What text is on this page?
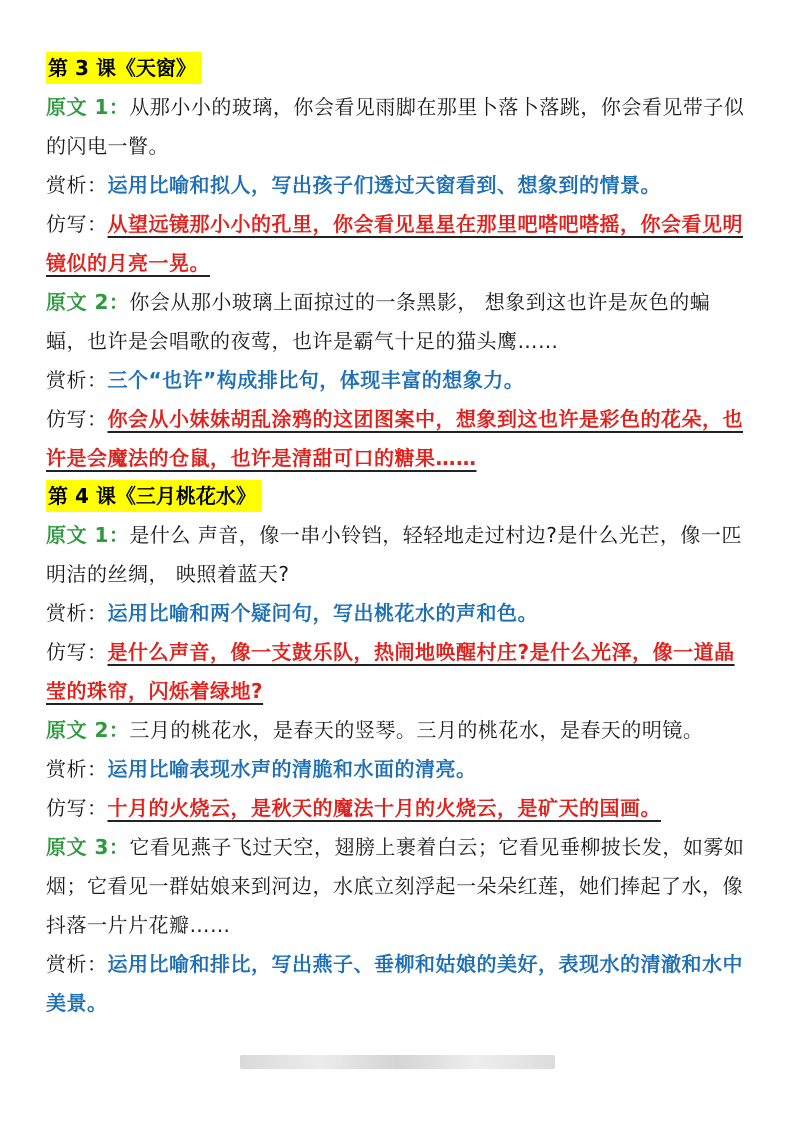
第 3 课《天窗》

原文 1：从那小小的玻璃，你会看见雨脚在那里卜落卜落跳，你会看见带子似的闪电一瞥。

赏析：运用比喻和拟人，写出孩子们透过天窗看到、想象到的情景。

仿写：从望远镜那小小的孔里，你会看见星星在那里吧嗒吧嗒摇，你会看见明镜似的月亮一晃。

原文 2：你会从那小玻璃上面掠过的一条黑影， 想象到这也许是灰色的蝙蝠，也许是会唱歌的夜莺，也许是霸气十足的猫头鹰……

赏析：三个“也许”构成排比句，体现丰富的想象力。

仿写：你会从小妹妹胡乱涂鸦的这团图案中，想象到这也许是彩色的花朵，也许是会魔法的仓鼠，也许是清甜可口的糖果……

第 4 课《三月桃花水》

原文 1：是什么 声音，像一串小铃铛，轻轻地走过村边?是什么光芒，像一匹明洁的丝绸， 映照着蓝天?

赏析：运用比喻和两个疑问句，写出桃花水的声和色。

仿写：是什么声音，像一支鼓乐队，热闹地唤醒村庄?是什么光泽，像一道晶莹的珠帘，闪烁着绿地?

原文 2：三月的桃花水，是春天的竖琴。三月的桃花水，是春天的明镜。

赏析：运用比喻表现水声的清脆和水面的清亮。

仿写：十月的火烧云，是秋天的魔法十月的火烧云，是矿天的国画。

原文 3：它看见燕子飞过天空，翅膀上裹着白云；它看见垂柳披长发，如雾如烟；它看见一群姑娘来到河边，水底立刻浮起一朵朵红莲，她们捧起了水，像抖落一片片花瓣……

赏析：运用比喻和排比，写出燕子、垂柳和姑娘的美好，表现水的清澈和水中美景。
